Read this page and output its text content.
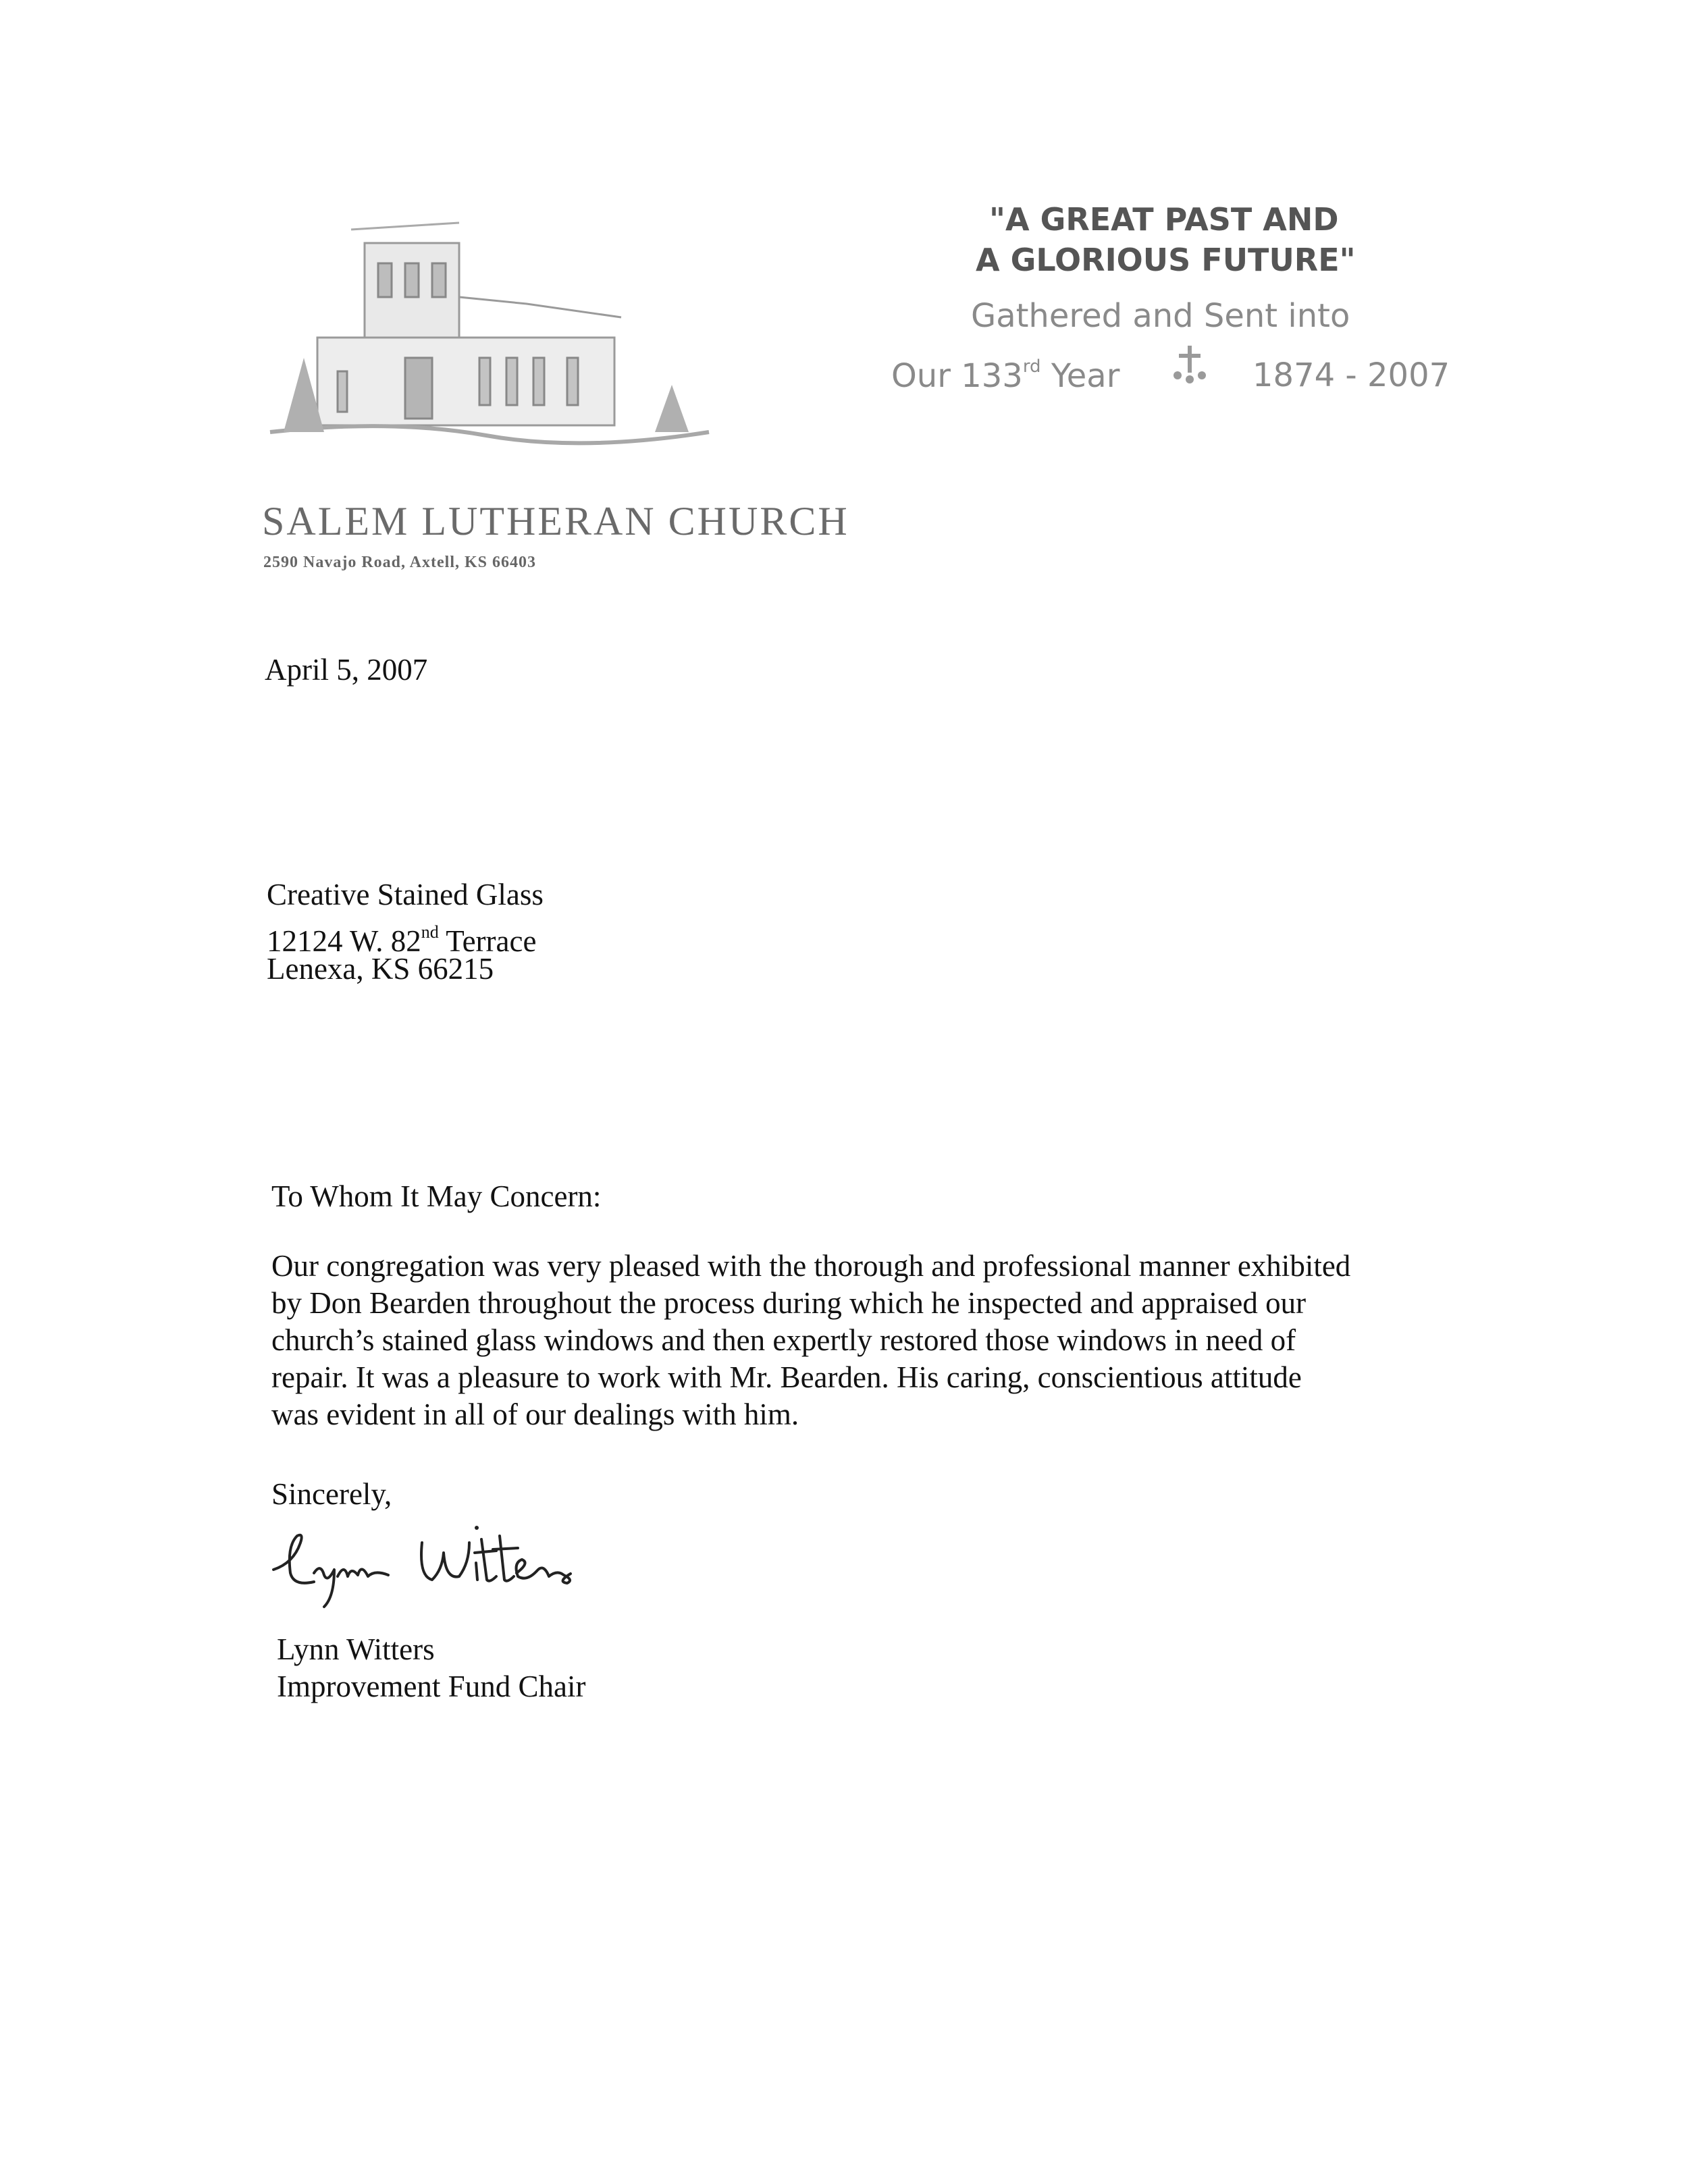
"A GREAT PAST AND
A GLORIOUS FUTURE"
Gathered and Sent into
Our 133rd Year	1874 - 2007
SALEM LUTHERAN CHURCH
2590 Navajo Road, Axtell, KS 66403
April 5, 2007
Creative Stained Glass
12124 W. 82nd Terrace
Lenexa, KS 66215
To Whom It May Concern:
Our congregation was very pleased with the thorough and professional manner exhibited
by Don Bearden throughout the process during which he inspected and appraised our
church’s stained glass windows and then expertly restored those windows in need of
repair. It was a pleasure to work with Mr. Bearden. His caring, conscientious attitude
was evident in all of our dealings with him.
Sincerely,
Lynn Witters
Improvement Fund Chair
